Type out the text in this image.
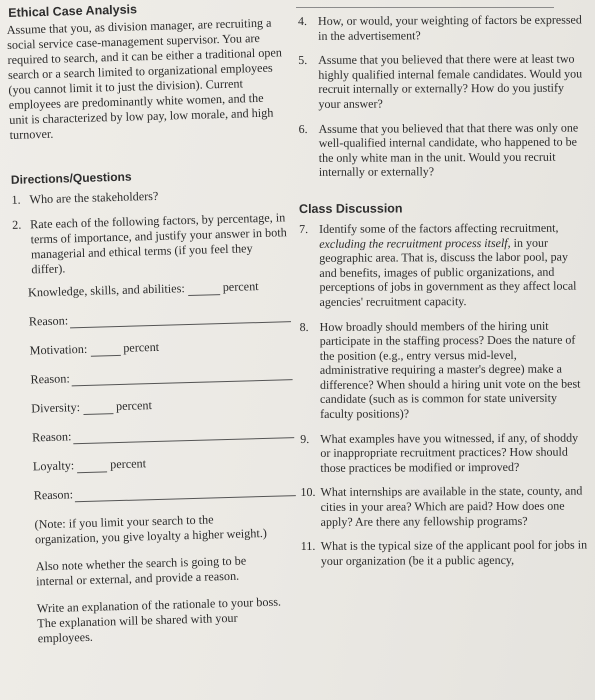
Ethical Case Analysis

Assume that you, as division manager, are recruiting a social service case-management supervisor. You are required to search, and it can be either a traditional open search or a search limited to organizational employees (you cannot limit it to just the division). Current employees are predominantly white women, and the unit is characterized by low pay, low morale, and high turnover.

Directions/Questions
1. Who are the stakeholders?
2. Rate each of the following factors, by percentage, in terms of importance, and justify your answer in both managerial and ethical terms (if you feel they differ).
Knowledge, skills, and abilities:	percent
Reason:
Motivation:	percent
Reason:
Diversity:	percent
Reason:
Loyalty:	percent
Reason:

(Note: if you limit your search to the organization, you give loyalty a higher weight.)

Also note whether the search is going to be internal or external, and provide a reason.

Write an explanation of the rationale to your boss. The explanation will be shared with your employees.

4. How, or would, your weighting of factors be expressed in the advertisement?
5. Assume that you believed that there were at least two highly qualified internal female candidates. Would you recruit internally or externally? How do you justify your answer?
6. Assume that you believed that that there was only one well-qualified internal candidate, who happened to be the only white man in the unit. Would you recruit internally or externally?
Class Discussion
7. Identify some of the factors affecting recruitment, excluding the recruitment process itself, in your geographic area. That is, discuss the labor pool, pay and benefits, images of public organizations, and perceptions of jobs in government as they affect local agencies' recruitment capacity.
8. How broadly should members of the hiring unit participate in the staffing process? Does the nature of the position (e.g., entry versus mid-level, administrative requiring a master's degree) make a difference? When should a hiring unit vote on the best candidate (such as is common for state university faculty positions)?
9. What examples have you witnessed, if any, of shoddy or inappropriate recruitment practices? How should those practices be modified or improved?
10. What internships are available in the state, county, and cities in your area? Which are paid? How does one apply? Are there any fellowship programs?
11. What is the typical size of the applicant pool for jobs in your organization (be it a public agency,
